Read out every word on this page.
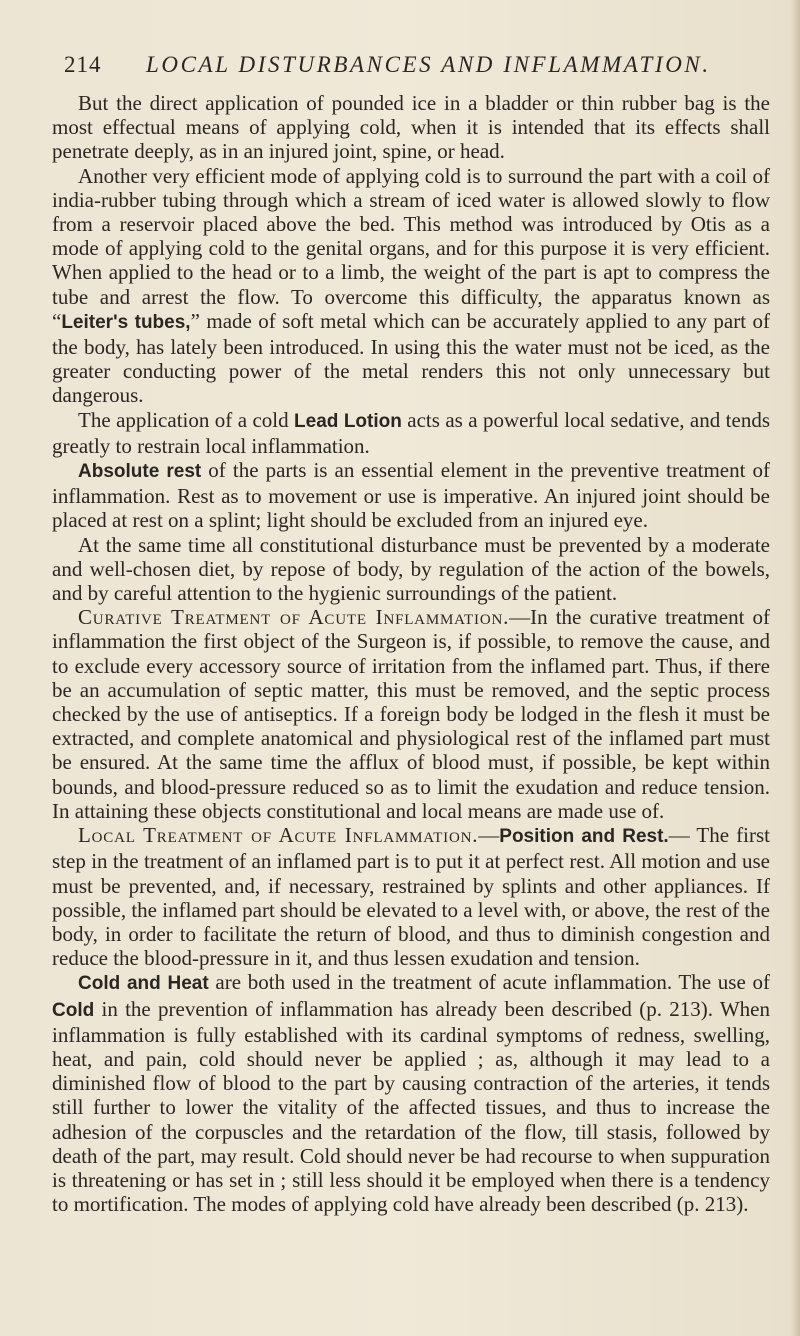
214 LOCAL DISTURBANCES AND INFLAMMATION.

But the direct application of pounded ice in a bladder or thin rubber bag is the most effectual means of applying cold, when it is intended that its effects shall penetrate deeply, as in an injured joint, spine, or head.

Another very efficient mode of applying cold is to surround the part with a coil of india-rubber tubing through which a stream of iced water is allowed slowly to flow from a reservoir placed above the bed. This method was introduced by Otis as a mode of applying cold to the genital organs, and for this purpose it is very efficient. When applied to the head or to a limb, the weight of the part is apt to compress the tube and arrest the flow. To overcome this difficulty, the apparatus known as “Leiter's tubes,” made of soft metal which can be accurately applied to any part of the body, has lately been introduced. In using this the water must not be iced, as the greater conducting power of the metal renders this not only unnecessary but dangerous.

The application of a cold Lead Lotion acts as a powerful local sedative, and tends greatly to restrain local inflammation.

Absolute rest of the parts is an essential element in the preventive treatment of inflammation. Rest as to movement or use is imperative. An injured joint should be placed at rest on a splint; light should be excluded from an injured eye.

At the same time all constitutional disturbance must be prevented by a moderate and well-chosen diet, by repose of body, by regulation of the action of the bowels, and by careful attention to the hygienic surroundings of the patient.

Curative Treatment of Acute Inflammation.—In the curative treatment of inflammation the first object of the Surgeon is, if possible, to remove the cause, and to exclude every accessory source of irritation from the inflamed part. Thus, if there be an accumulation of septic matter, this must be removed, and the septic process checked by the use of antiseptics. If a foreign body be lodged in the flesh it must be extracted, and complete anatomical and physiological rest of the inflamed part must be ensured. At the same time the afflux of blood must, if possible, be kept within bounds, and blood-pressure reduced so as to limit the exudation and reduce tension. In attaining these objects constitutional and local means are made use of.

Local Treatment of Acute Inflammation.—Position and Rest.— The first step in the treatment of an inflamed part is to put it at perfect rest. All motion and use must be prevented, and, if necessary, restrained by splints and other appliances. If possible, the inflamed part should be elevated to a level with, or above, the rest of the body, in order to facilitate the return of blood, and thus to diminish congestion and reduce the blood-pressure in it, and thus lessen exudation and tension.

Cold and Heat are both used in the treatment of acute inflammation. The use of Cold in the prevention of inflammation has already been described (p. 213). When inflammation is fully established with its cardinal symptoms of redness, swelling, heat, and pain, cold should never be applied ; as, although it may lead to a diminished flow of blood to the part by causing contraction of the arteries, it tends still further to lower the vitality of the affected tissues, and thus to increase the adhesion of the corpuscles and the retardation of the flow, till stasis, followed by death of the part, may result. Cold should never be had recourse to when suppuration is threatening or has set in ; still less should it be employed when there is a tendency to mortification. The modes of applying cold have already been described (p. 213).
